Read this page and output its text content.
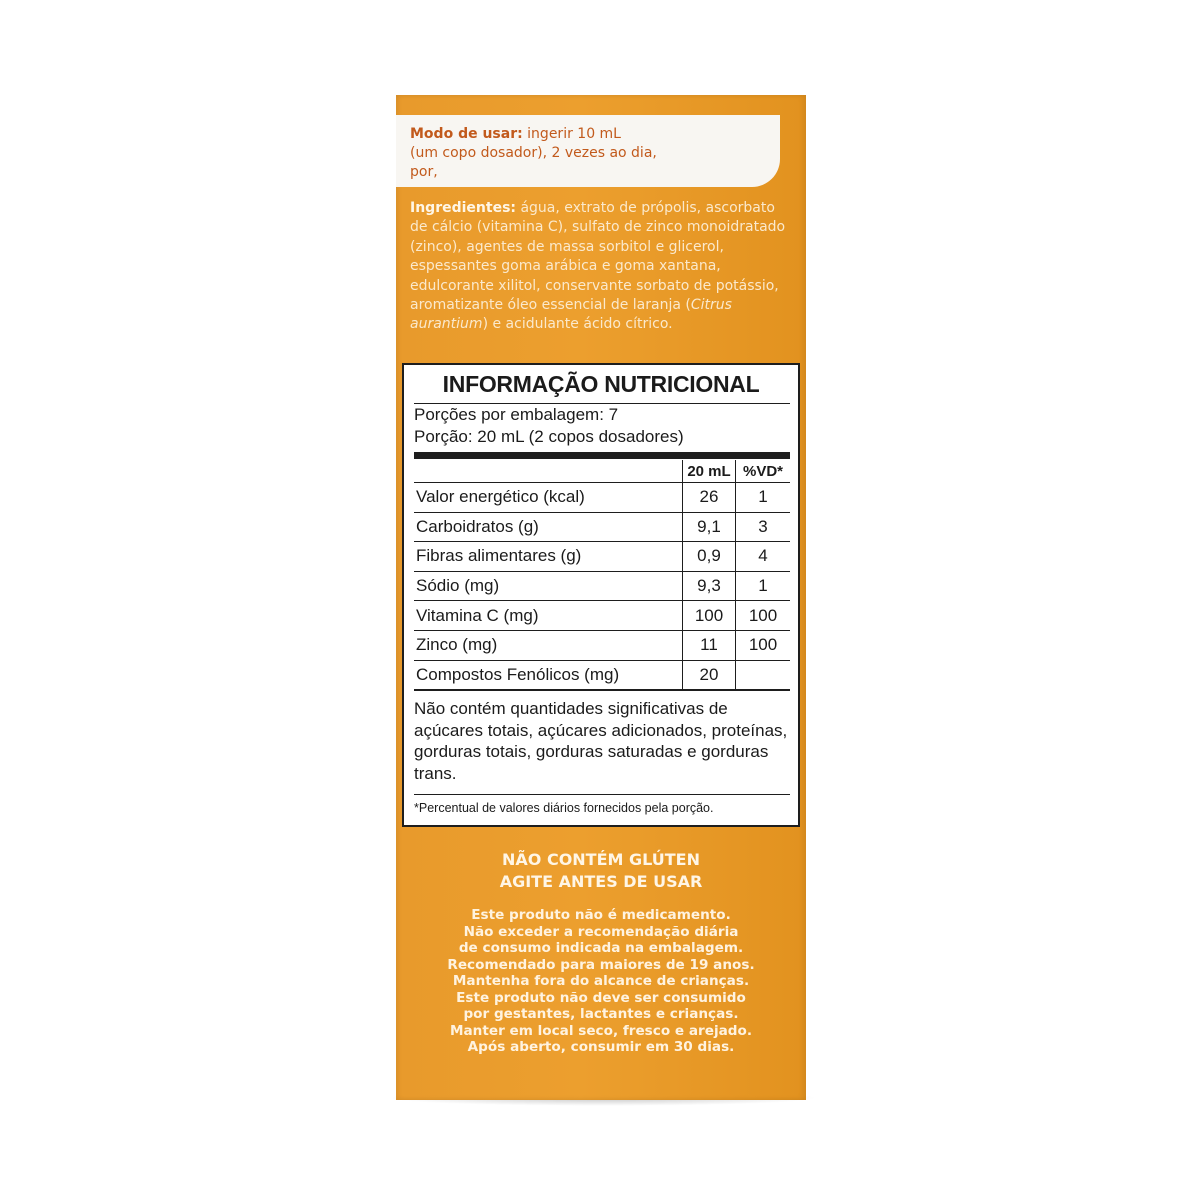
Modo de usar: ingerir 10 mL
(um copo dosador), 2 vezes ao dia,
por,
Ingredientes: água, extrato de própolis, ascorbato de cálcio (vitamina C), sulfato de zinco monoidratado (zinco), agentes de massa sorbitol e glicerol, espessantes goma arábica e goma xantana, edulcorante xilitol, conservante sorbato de potássio, aromatizante óleo essencial de laranja (Citrus aurantium) e acidulante ácido cítrico.
INFORMAÇÃO NUTRICIONAL
Porções por embalagem: 7
Porção: 20 mL (2 copos dosadores)
	20 mL	%VD*
Valor energético (kcal)	26	1
Carboidratos (g)	9,1	3
Fibras alimentares (g)	0,9	4
Sódio (mg)	9,3	1
Vitamina C (mg)	100	100
Zinco (mg)	11	100
Compostos Fenólicos (mg)	20	
Não contém quantidades significativas de açúcares totais, açúcares adicionados, proteínas, gorduras totais, gorduras saturadas e gorduras trans.
*Percentual de valores diários fornecidos pela porção.
NÃO CONTÉM GLÚTEN
AGITE ANTES DE USAR
Este produto não é medicamento.
Não exceder a recomendação diária
de consumo indicada na embalagem.
Recomendado para maiores de 19 anos.
Mantenha fora do alcance de crianças.
Este produto não deve ser consumido
por gestantes, lactantes e crianças.
Manter em local seco, fresco e arejado.
Após aberto, consumir em 30 dias.
